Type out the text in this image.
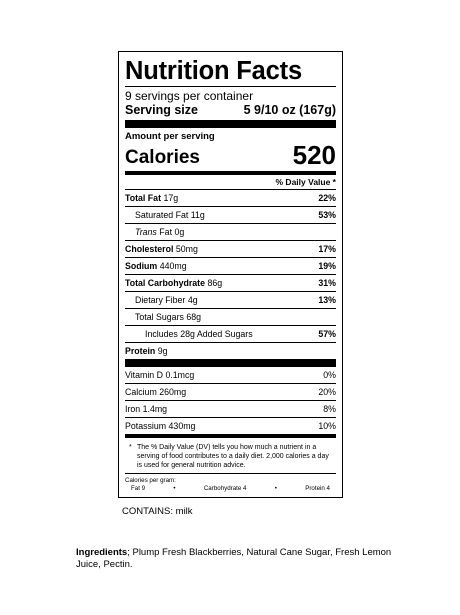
Nutrition Facts
9 servings per container
Serving size	5 9/10 oz (167g)
Amount per serving
Calories	520
% Daily Value *
Total Fat 17g	22%
Saturated Fat 11g	53%
Trans Fat 0g
Cholesterol 50mg	17%
Sodium 440mg	19%
Total Carbohydrate 86g	31%
Dietary Fiber 4g	13%
Total Sugars 68g
Includes 28g Added Sugars	57%
Protein 9g
Vitamin D 0.1mcg	0%
Calcium 260mg	20%
Iron 1.4mg	8%
Potassium 430mg	10%
* The % Daily Value (DV) tells you how much a nutrient in a serving of food contributes to a daily diet. 2,000 calories a day is used for general nutrition advice.
Calories per gram:
Fat 9	•	Carbohydrate 4	•	Protein 4
CONTAINS: milk
Ingredients; Plump Fresh Blackberries, Natural Cane Sugar, Fresh Lemon Juice, Pectin.
